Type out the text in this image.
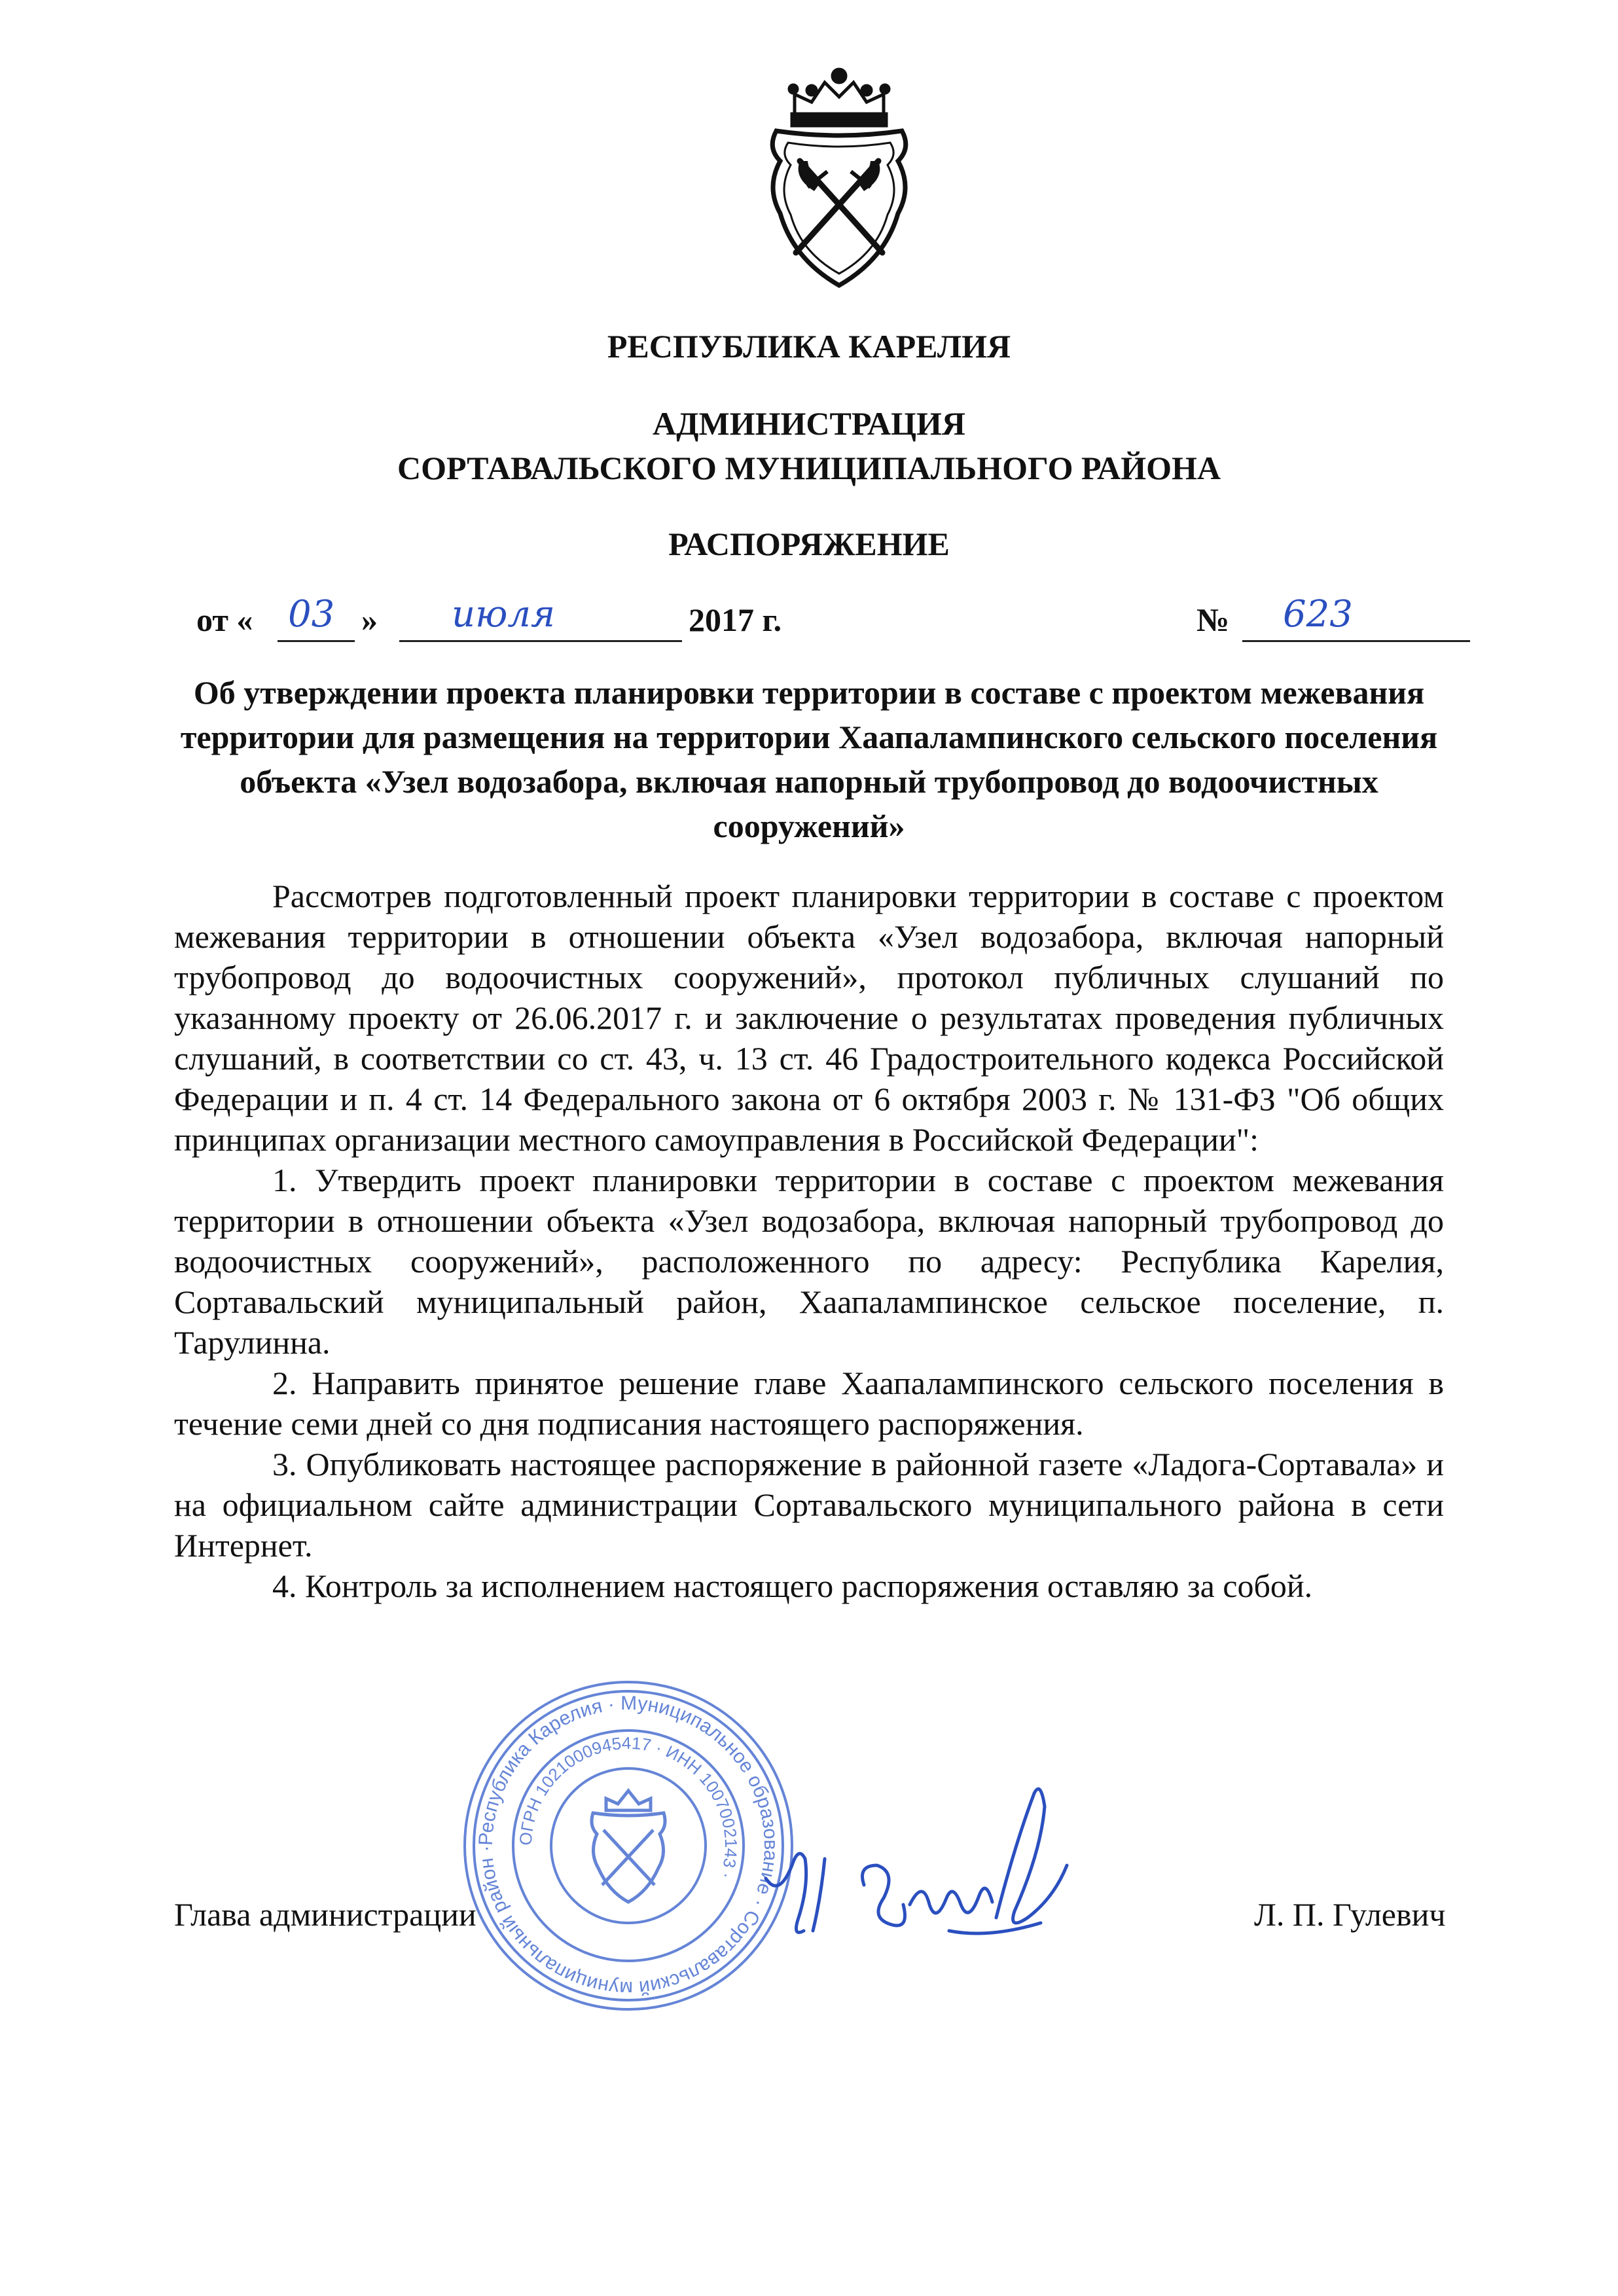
РЕСПУБЛИКА КАРЕЛИЯ
АДМИНИСТРАЦИЯ
СОРТАВАЛЬСКОГО МУНИЦИПАЛЬНОГО РАЙОНА
РАСПОРЯЖЕНИЕ
от « 03 » июля	2017 г.	№ 623
Об утверждении проекта планировки территории в составе с проектом межевания территории для размещения на территории Хаапалампинского сельского поселения объекта «Узел водозабора, включая напорный трубопровод до водоочистных сооружений»

Рассмотрев подготовленный проект планировки территории в составе с проектом межевания территории в отношении объекта «Узел водозабора, включая напорный трубопровод до водоочистных сооружений», протокол публичных слушаний по указанному проекту от 26.06.2017 г. и заключение о результатах проведения публичных слушаний, в соответствии со ст. 43, ч. 13 ст. 46 Градостроительного кодекса Российской Федерации и п. 4 ст. 14 Федерального закона от 6 октября 2003 г. № 131-ФЗ "Об общих принципах организации местного самоуправления в Российской Федерации":

1. Утвердить проект планировки территории в составе с проектом межевания территории в отношении объекта «Узел водозабора, включая напорный трубопровод до водоочистных сооружений», расположенного по адресу: Республика Карелия, Сортавальский муниципальный район, Хаапалампинское сельское поселение, п. Тарулинна.

2. Направить принятое решение главе Хаапалампинского сельского поселения в течение семи дней со дня подписания настоящего распоряжения.

3. Опубликовать настоящее распоряжение в районной газете «Ладога-Сортавала» и на официальном сайте администрации Сортавальского муниципального района в сети Интернет.

4. Контроль за исполнением настоящего распоряжения оставляю за собой.

Республика Карелия · Муниципальное образование · Сортавальский муниципальный район ·
ОГРН 1021000945417 · ИНН 1007002143 ·
Глава администрации	Л. П. Гулевич
